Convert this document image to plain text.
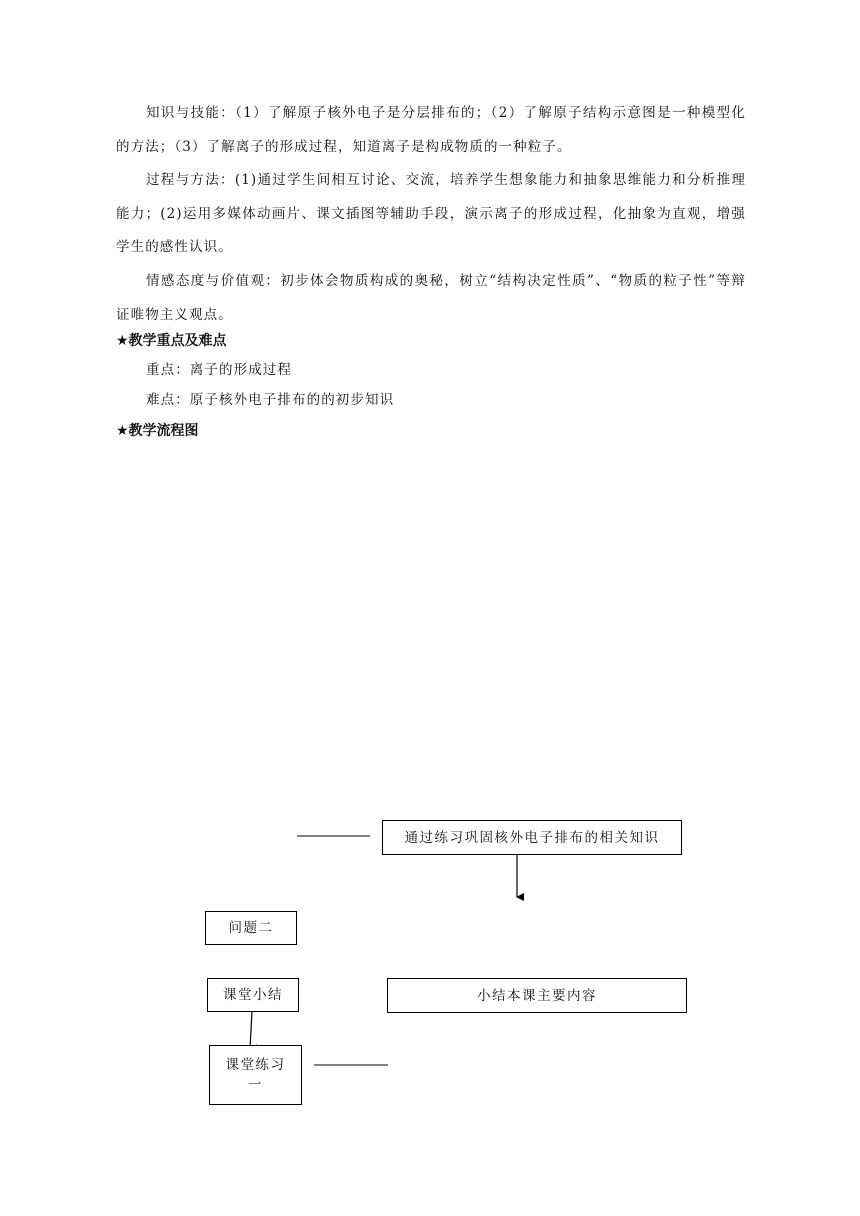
知识与技能：（1）了解原子核外电子是分层排布的；（2）了解原子结构示意图是一种模型化的方法；（3）了解离子的形成过程，知道离子是构成物质的一种粒子。

过程与方法：(1)通过学生间相互讨论、交流，培养学生想象能力和抽象思维能力和分析推理能力；(2)运用多媒体动画片、课文插图等辅助手段，演示离子的形成过程，化抽象为直观，增强学生的感性认识。

情感态度与价值观：初步体会物质构成的奥秘，树立“结构决定性质”、“物质的粒子性”等辩证唯物主义观点。

★教学重点及难点

重点：离子的形成过程

难点：原子核外电子排布的的初步知识

★教学流程图
通过练习巩固核外电子排布的相关知识
问题二
课堂小结	小结本课主要内容
课堂练习
一
